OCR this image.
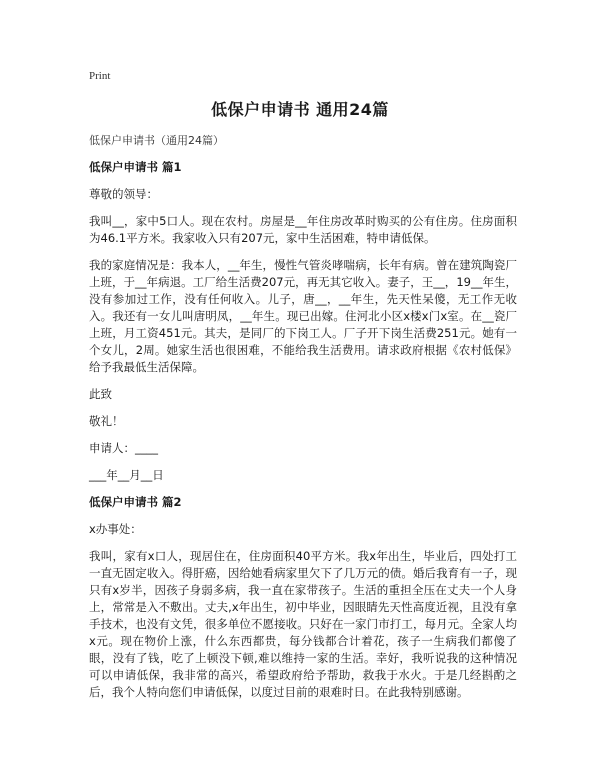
Print
低保户申请书 通用24篇

低保户申请书（通用24篇）

低保户申请书 篇1

尊敬的领导：

我叫__，家中5口人。现在农村。房屋是__年住房改革时购买的公有住房。住房面积为46.1平方米。我家收入只有207元，家中生活困难，特申请低保。

我的家庭情况是：我本人，__年生，慢性气管炎哮喘病，长年有病。曾在建筑陶瓷厂上班，于__年病退。工厂给生活费207元，再无其它收入。妻子，王__，19__年生，没有参加过工作，没有任何收入。儿子，唐__，__年生，先天性呆傻，无工作无收入。我还有一女儿叫唐明凤，__年生。现已出嫁。住河北小区x楼x门x室。在__瓷厂上班，月工资451元。其夫，是同厂的下岗工人。厂子开下岗生活费251元。她有一个女儿，2周。她家生活也很困难，不能给我生活费用。请求政府根据《农村低保》给予我最低生活保障。

此致

敬礼！

申请人：____

___年__月__日

低保户申请书 篇2

x办事处：

我叫，家有x口人，现居住在，住房面积40平方米。我x年出生，毕业后，四处打工一直无固定收入。得肝癌，因给她看病家里欠下了几万元的债。婚后我育有一子，现只有x岁半，因孩子身弱多病，我一直在家带孩子。生活的重担全压在丈夫一个人身上，常常是入不敷出。丈夫,x年出生，初中毕业，因眼睛先天性高度近视，且没有拿手技术，也没有文凭，很多单位不愿接收。只好在一家门市打工，每月元。全家人均x元。现在物价上涨，什么东西都贵，每分钱都合计着花，孩子一生病我们都傻了眼，没有了钱，吃了上顿没下顿,难以维持一家的生活。幸好，我听说我的这种情况可以申请低保，我非常的高兴，希望政府给予帮助，救我于水火。于是几经斟酌之后，我个人特向您们申请低保，以度过目前的艰难时日。在此我特别感谢。
